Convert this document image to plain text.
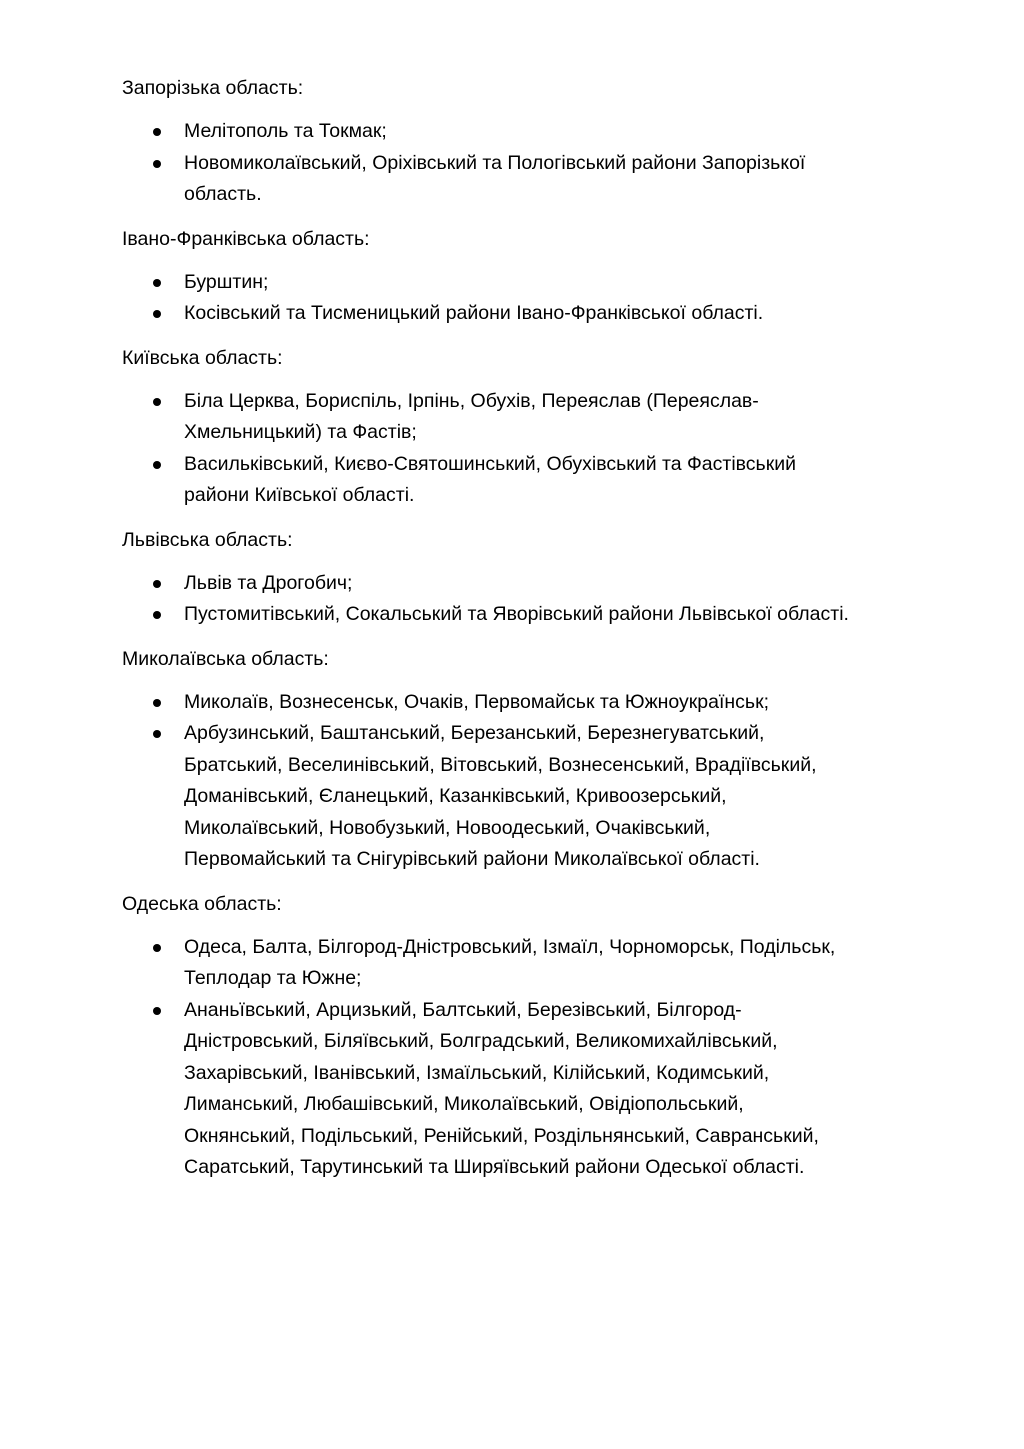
Запорізька область:

Мелітополь та Токмак;
Новомиколаївський, Оріхівський та Пологівський райони Запорізької
область.

Івано-Франківська область:

Бурштин;
Косівський та Тисменицький райони Івано-Франківської області.

Київська область:

Біла Церква, Бориспіль, Ірпінь, Обухів, Переяслав (Переяслав-
Хмельницький) та Фастів;
Васильківський, Києво-Святошинський, Обухівський та Фастівський
райони Київської області.

Львівська область:

Львів та Дрогобич;
Пустомитівський, Сокальський та Яворівський райони Львівської області.

Миколаївська область:

Миколаїв, Вознесенськ, Очаків, Первомайськ та Южноукраїнськ;
Арбузинський, Баштанський, Березанський, Березнегуватський,
Братський, Веселинівський, Вітовський, Вознесенський, Врадіївський,
Доманівський, Єланецький, Казанківський, Кривоозерський,
Миколаївський, Новобузький, Новоодеський, Очаківський,
Первомайський та Снігурівський райони Миколаївської області.

Одеська область:

Одеса, Балта, Білгород-Дністровський, Ізмаїл, Чорноморськ, Подільськ,
Теплодар та Южне;
Ананьївський, Арцизький, Балтський, Березівський, Білгород-
Дністровський, Біляївський, Болградський, Великомихайлівський,
Захарівський, Іванівський, Ізмаїльський, Кілійський, Кодимський,
Лиманський, Любашівський, Миколаївський, Овідіопольський,
Окнянський, Подільський, Ренійський, Роздільнянський, Савранський,
Саратський, Тарутинський та Ширяївський райони Одеської області.
